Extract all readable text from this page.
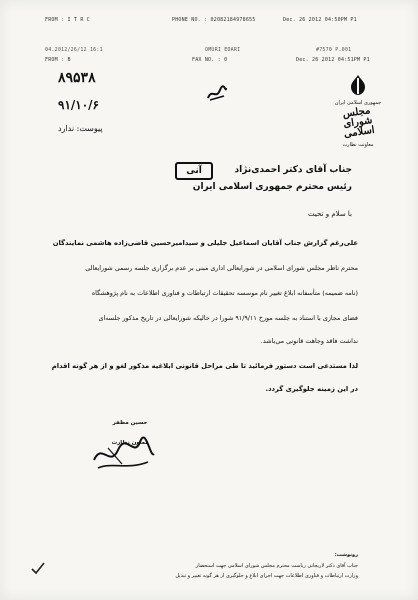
FROM : I T R C	PHONE NO. : 02082184978655	Dec. 26 2012 04:50PM P1
04.2012/26/12 16:1	OMURI EDARI	#7570 P.001
FROM : B	FAX NO. : 0	Dec. 26 2012 04:51PM P1
۸۹۵۳۸
۹۱/۱۰/۶
پیوست: ندارد
جمهوری اسلامی ایران
مجلس شورای اسلامی
معاونت نظارت
آنی	جناب آقای دکتر احمدی‌نژاد
رئیس محترم جمهوری اسلامی ایران
با سلام و تحیت
علی‌رغم گزارش جناب آقایان اسماعیل جلیلی و سیدامیرحسین قاضی‌زاده هاشمی نمایندگان
محترم ناظر مجلس شورای اسلامی در شورایعالی اداری مبنی بر عدم برگزاری جلسه رسمی شورایعالی
(نامه ضمیمه) متأسفانه ابلاغ تغییر نام موسسه تحقیقات ارتباطات و فناوری اطلاعات به نام پژوهشگاه
فضای مجازی با استناد به جلسه مورخ ۹۱/۹/۱۱ شورا در حالیکه شورایعالی در تاریخ مذکور جلسه‌ای
نداشت فاقد وجاهت قانونی می‌باشد.
لذا مستدعی است دستور فرمائید تا طی مراحل قانونی ابلاغیه مذکور لغو و از هر گونه اقدام
در این زمینه جلوگیری گردد.
حسین مظفر
معاون نظارت
رونوشت:
جناب آقای دکتر لاریجانی ریاست محترم مجلس شورای اسلامی جهت استحضار
وزارت ارتباطات و فناوری اطلاعات جهت اجرای ابلاغ و جلوگیری از هر گونه تغییر و تبدیل
